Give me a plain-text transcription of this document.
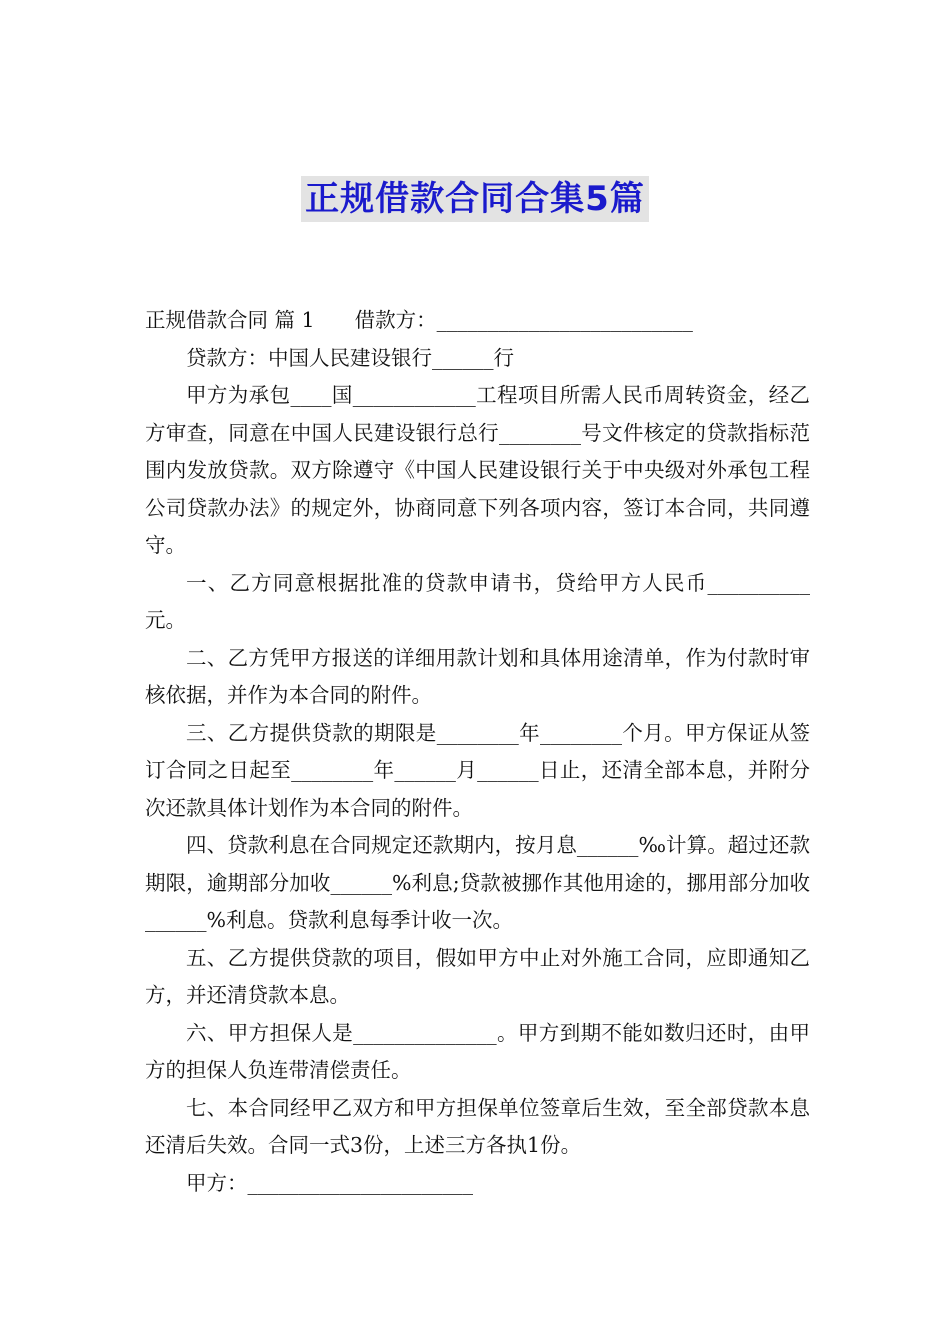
正规借款合同合集5篇

正规借款合同 篇 1 借款方：_________________________

贷款方：中国人民建设银行______行

甲方为承包____国____________工程项目所需人民币周转资金，经乙方审查，同意在中国人民建设银行总行________号文件核定的贷款指标范围内发放贷款。双方除遵守《中国人民建设银行关于中央级对外承包工程公司贷款办法》的规定外，协商同意下列各项内容，签订本合同，共同遵守。

一、乙方同意根据批准的贷款申请书，贷给甲方人民币__________元。

二、乙方凭甲方报送的详细用款计划和具体用途清单，作为付款时审核依据，并作为本合同的附件。

三、乙方提供贷款的期限是________年________个月。甲方保证从签订合同之日起至________年______月______日止，还清全部本息，并附分次还款具体计划作为本合同的附件。

四、贷款利息在合同规定还款期内，按月息______‰计算。超过还款期限，逾期部分加收______%利息;贷款被挪作其他用途的，挪用部分加收______%利息。贷款利息每季计收一次。

五、乙方提供贷款的项目，假如甲方中止对外施工合同，应即通知乙方，并还清贷款本息。

六、甲方担保人是______________。甲方到期不能如数归还时，由甲方的担保人负连带清偿责任。

七、本合同经甲乙双方和甲方担保单位签章后生效，至全部贷款本息还清后失效。合同一式3份，上述三方各执1份。

甲方：______________________
